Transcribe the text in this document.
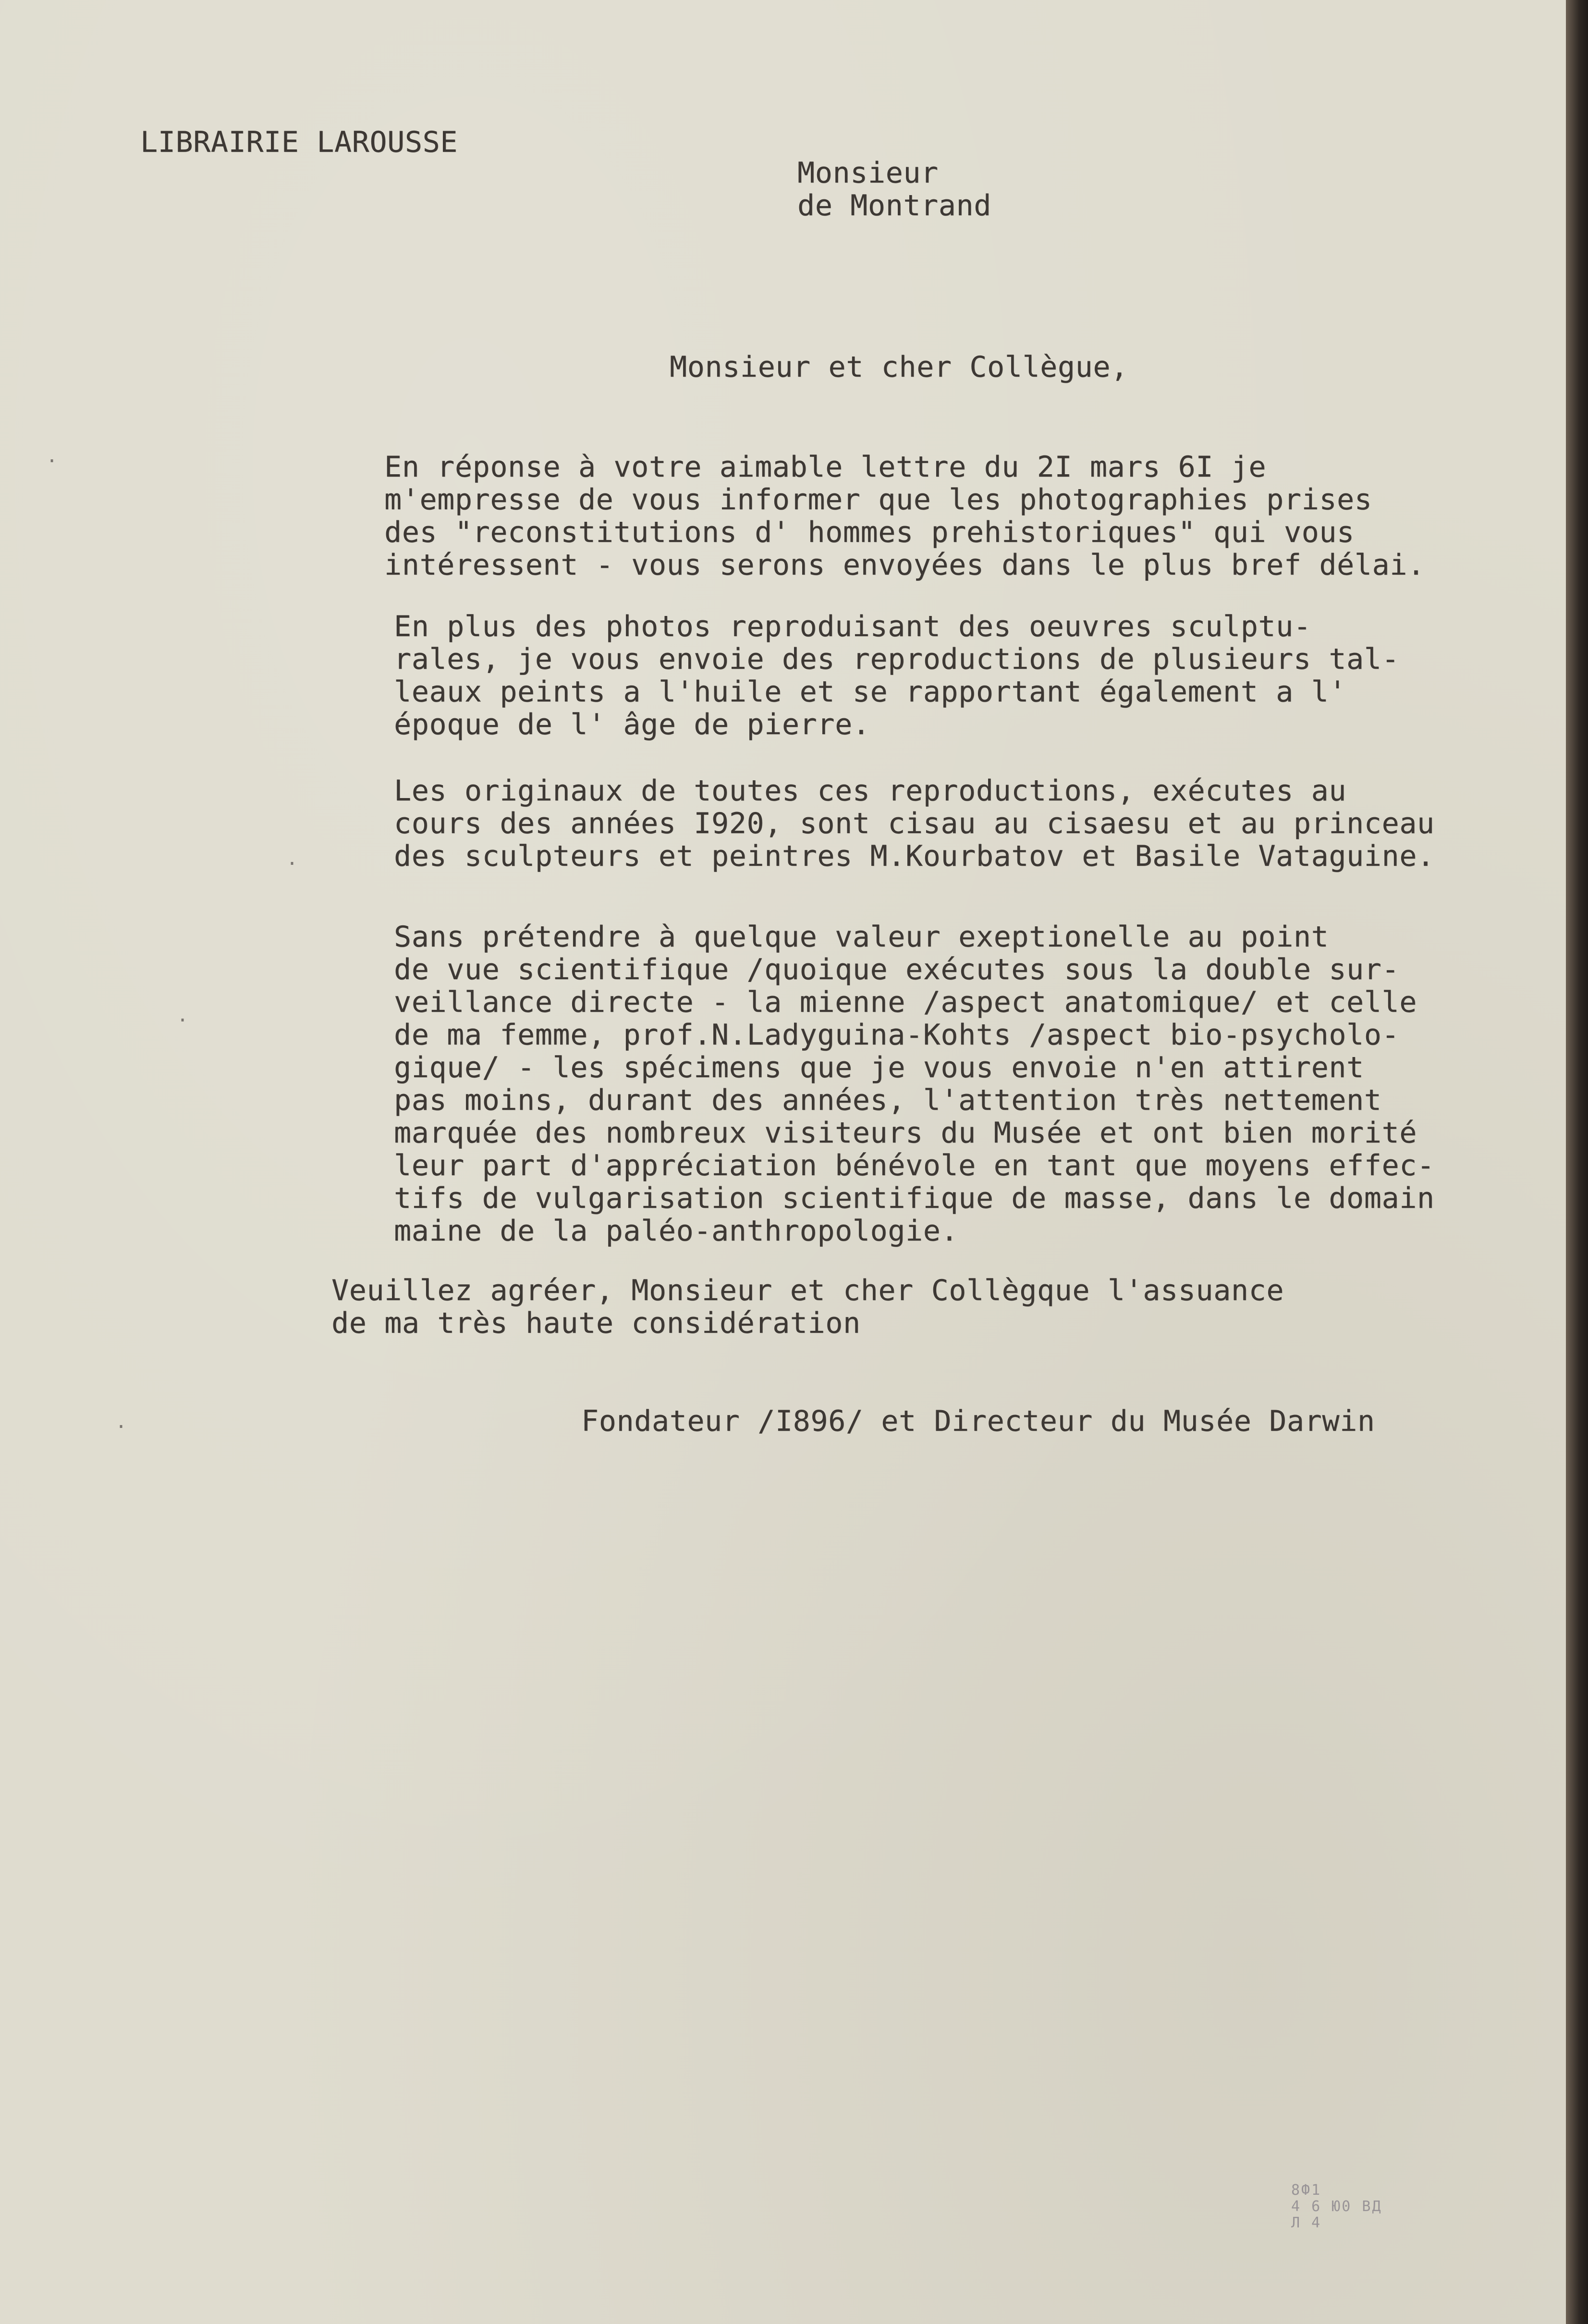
LIBRAIRIE LAROUSSE
Monsieur
de Montrand
Monsieur et cher Collègue,
En réponse à votre aimable lettre du 2I mars 6I je
m'empresse de vous informer que les photographies prises
des "reconstitutions d' hommes prehistoriques" qui vous
intéressent - vous serons envoyées dans le plus bref délai.
En plus des photos reproduisant des oeuvres sculptu-
rales, je vous envoie des reproductions de plusieurs tal-
leaux peints a l'huile et se rapportant également a l'
époque de l' âge de pierre.
Les originaux de toutes ces reproductions, exécutes au
cours des années I920, sont cisau au cisaesu et au princeau
des sculpteurs et peintres M.Kourbatov et Basile Vataguine.
Sans prétendre à quelque valeur exeptionelle au point
de vue scientifique /quoique exécutes sous la double sur-
veillance directe - la mienne /aspect anatomique/ et celle
de ma femme, prof.N.Ladyguina-Kohts /aspect bio-psycholo-
gique/ - les spécimens que je vous envoie n'en attirent
pas moins, durant des années, l'attention très nettement
marquée des nombreux visiteurs du Musée et ont bien morité
leur part d'appréciation bénévole en tant que moyens effec-
tifs de vulgarisation scientifique de masse, dans le domain
maine de la paléo-anthropologie.
Veuillez agréer, Monsieur et cher Collègque l'assuance
de ma très haute considération
Fondateur /I896/ et Directeur du Musée Darwin
8Ф1
4 6 Ю0 ВД
Л 4
·
·
·
·
